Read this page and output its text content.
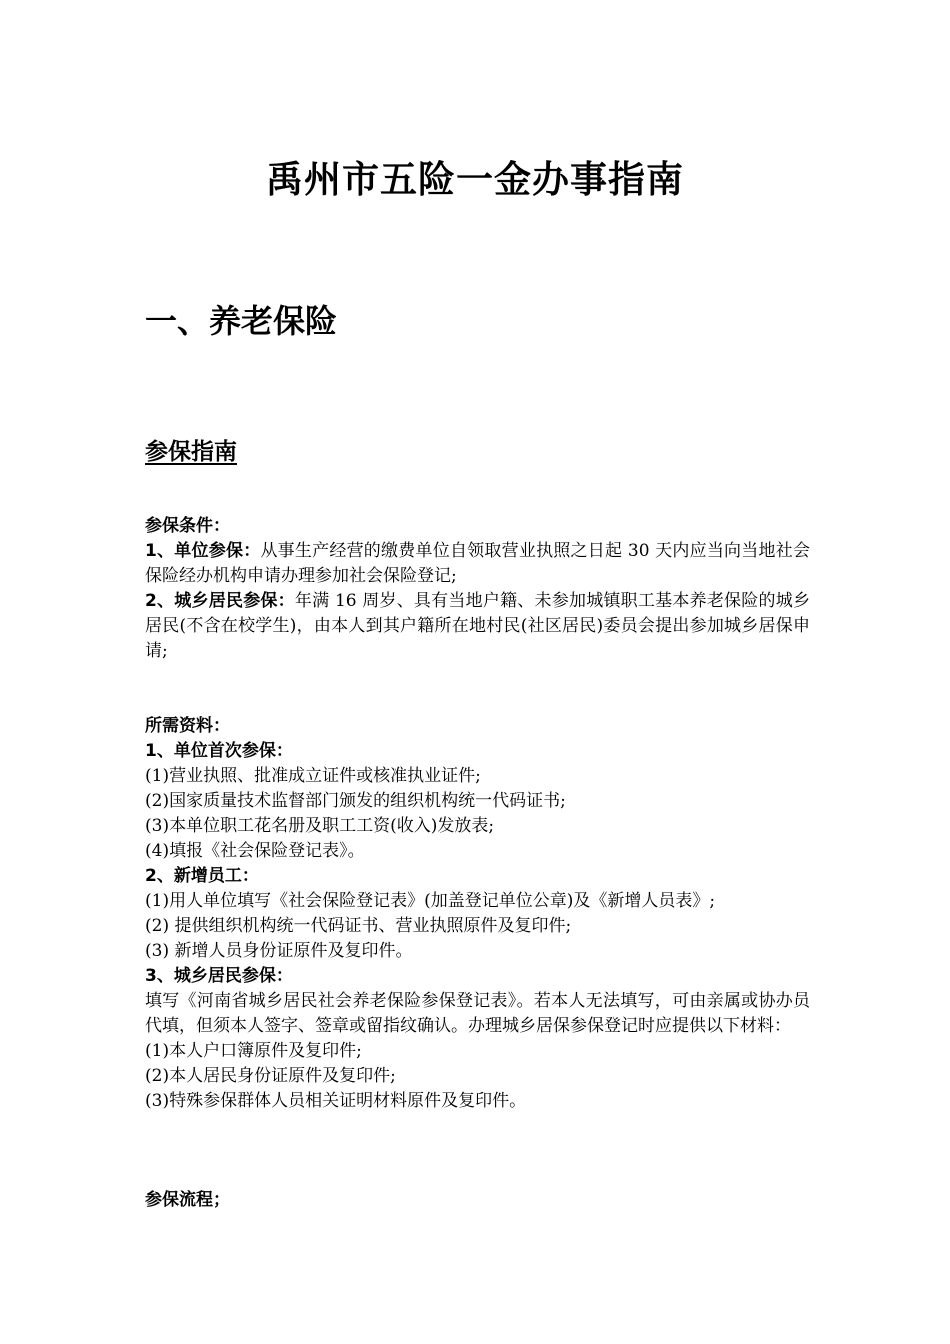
禹州市五险一金办事指南
一、养老保险
参保指南
参保条件：
1、单位参保：从事生产经营的缴费单位自领取营业执照之日起 30 天内应当向当地社会保险经办机构申请办理参加社会保险登记;
2、城乡居民参保：年满 16 周岁、具有当地户籍、未参加城镇职工基本养老保险的城乡居民(不含在校学生)，由本人到其户籍所在地村民(社区居民)委员会提出参加城乡居保申请;
所需资料：
1、单位首次参保：
(1)营业执照、批准成立证件或核准执业证件;
(2)国家质量技术监督部门颁发的组织机构统一代码证书;
(3)本单位职工花名册及职工工资(收入)发放表;
(4)填报《社会保险登记表》。
2、新增员工：
(1)用人单位填写《社会保险登记表》(加盖登记单位公章)及《新增人员表》;
(2) 提供组织机构统一代码证书、营业执照原件及复印件;
(3) 新增人员身份证原件及复印件。
3、城乡居民参保：
填写《河南省城乡居民社会养老保险参保登记表》。若本人无法填写，可由亲属或协办员代填，但须本人签字、签章或留指纹确认。办理城乡居保参保登记时应提供以下材料：
(1)本人户口簿原件及复印件;
(2)本人居民身份证原件及复印件;
(3)特殊参保群体人员相关证明材料原件及复印件。
参保流程；
